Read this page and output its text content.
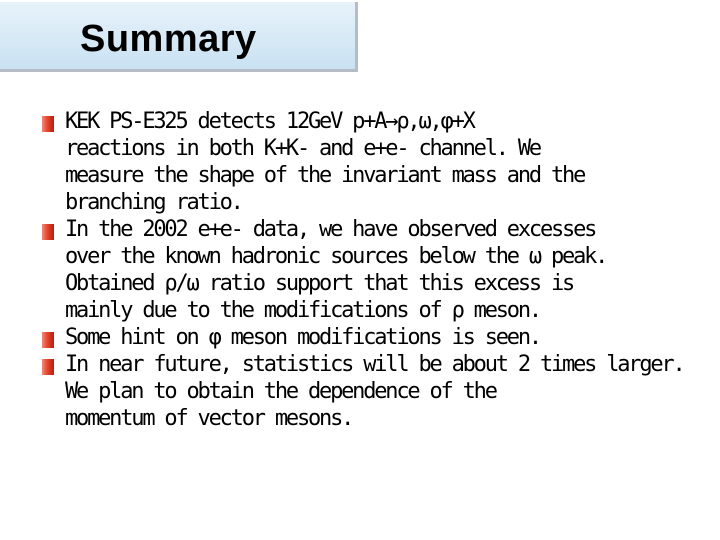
Summary
KEK PS-E325 detects 12GeV p+A→ρ,ω,φ+X
reactions in both K+K- and e+e- channel. We
measure the shape of the invariant mass and the
branching ratio.
In the 2002 e+e- data, we have observed excesses
over the known hadronic sources below the ω peak.
Obtained ρ/ω ratio support that this excess is
mainly due to the modifications of ρ meson.
Some hint on φ meson modifications is seen.
In near future, statistics will be about 2 times larger.
We plan to obtain the dependence of the
momentum of vector mesons.
